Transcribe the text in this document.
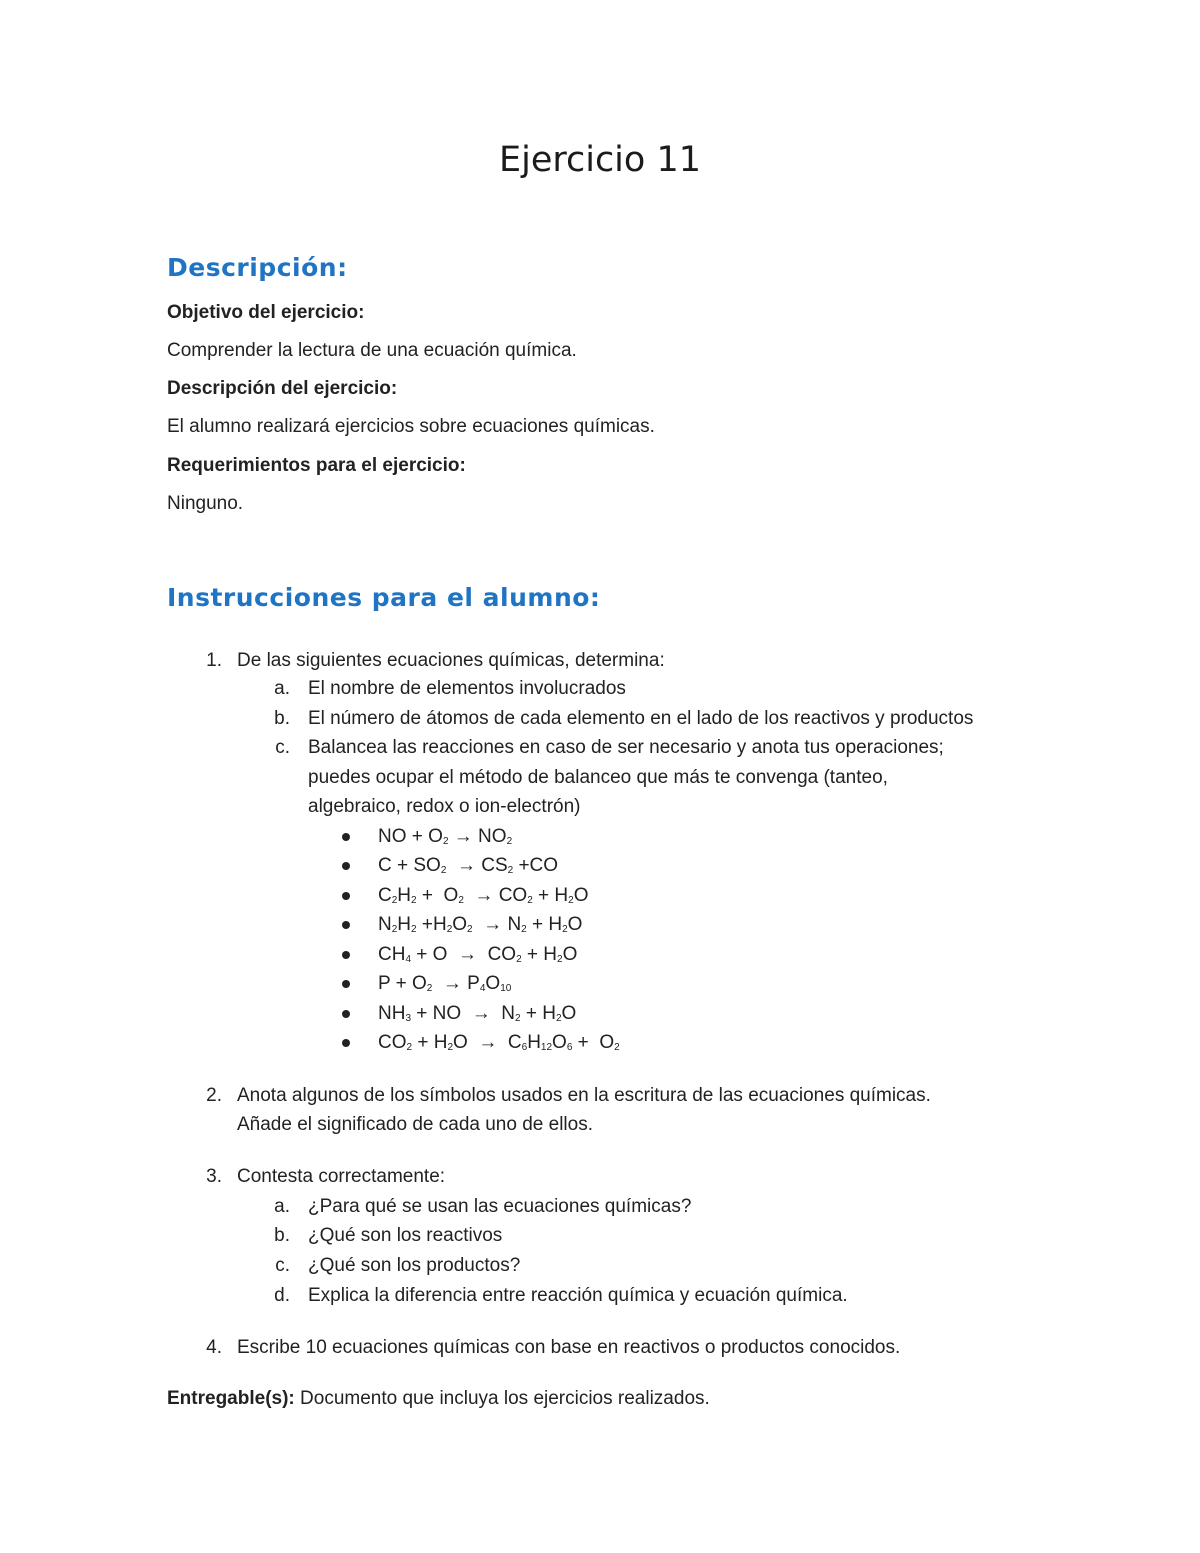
Ejercicio 11
Descripción:
Objetivo del ejercicio:
Comprender la lectura de una ecuación química.
Descripción del ejercicio:
El alumno realizará ejercicios sobre ecuaciones químicas.
Requerimientos para el ejercicio:
Ninguno.
Instrucciones para el alumno:
1. De las siguientes ecuaciones químicas, determina:
a. El nombre de elementos involucrados
b. El número de átomos de cada elemento en el lado de los reactivos y productos
c. Balancea las reacciones en caso de ser necesario y anota tus operaciones;
puedes ocupar el método de balanceo que más te convenga (tanteo,
algebraico, redox o ion-electrón)
NO + $O_2 \to NO_2$
$C + SO_2 \to CS_2 +CO$
$C_2H_2 + O_2 \to CO_2 + H_2O$
$N_2H_2 +H_2O_2 \to N_2 + H_2O$
$CH_4 + O \to CO_2 + H_2O$
$P + O_2 \to P_4O_{10}$
$NH_3$ + NO  →  $N_2 + H_2O$
$CO_2 + H_2O \to C_6H_{12}O_6 + O_2$
2. Anota algunos de los símbolos usados en la escritura de las ecuaciones químicas.
Añade el significado de cada uno de ellos.
3. Contesta correctamente:
a. ¿Para qué se usan las ecuaciones químicas?
b. ¿Qué son los reactivos
c. ¿Qué son los productos?
d. Explica la diferencia entre reacción química y ecuación química.
4. Escribe 10 ecuaciones químicas con base en reactivos o productos conocidos.
Entregable(s): Documento que incluya los ejercicios realizados.
